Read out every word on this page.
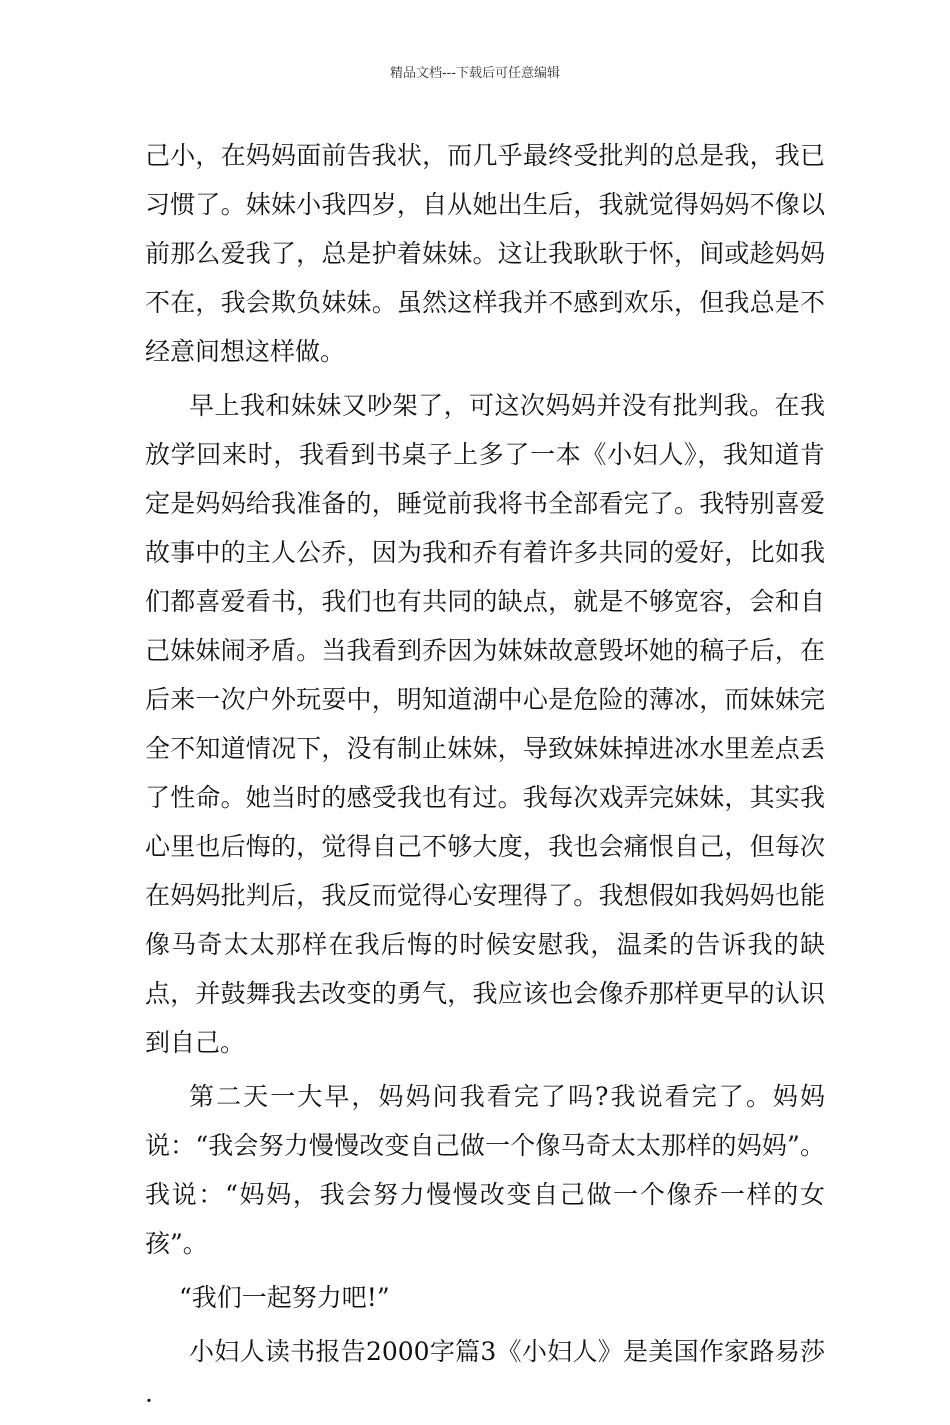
精品文档---下载后可任意编辑

己小，在妈妈面前告我状，而几乎最终受批判的总是我，我已习惯了。妹妹小我四岁，自从她出生后，我就觉得妈妈不像以前那么爱我了，总是护着妹妹。这让我耿耿于怀，间或趁妈妈不在，我会欺负妹妹。虽然这样我并不感到欢乐，但我总是不经意间想这样做。

早上我和妹妹又吵架了，可这次妈妈并没有批判我。在我放学回来时，我看到书桌子上多了一本《小妇人》，我知道肯定是妈妈给我准备的，睡觉前我将书全部看完了。我特别喜爱故事中的主人公乔，因为我和乔有着许多共同的爱好，比如我们都喜爱看书，我们也有共同的缺点，就是不够宽容，会和自己妹妹闹矛盾。当我看到乔因为妹妹故意毁坏她的稿子后，在后来一次户外玩耍中，明知道湖中心是危险的薄冰，而妹妹完全不知道情况下，没有制止妹妹，导致妹妹掉进冰水里差点丢了性命。她当时的感受我也有过。我每次戏弄完妹妹，其实我心里也后悔的，觉得自己不够大度，我也会痛恨自己，但每次在妈妈批判后，我反而觉得心安理得了。我想假如我妈妈也能像马奇太太那样在我后悔的时候安慰我，温柔的告诉我的缺点，并鼓舞我去改变的勇气，我应该也会像乔那样更早的认识到自己。

第二天一大早，妈妈问我看完了吗?我说看完了。妈妈说：“我会努力慢慢改变自己做一个像马奇太太那样的妈妈”。我说：“妈妈，我会努力慢慢改变自己做一个像乔一样的女孩”。

“我们一起努力吧!”

小妇人读书报告2000字篇3《小妇人》是美国作家路易莎·
